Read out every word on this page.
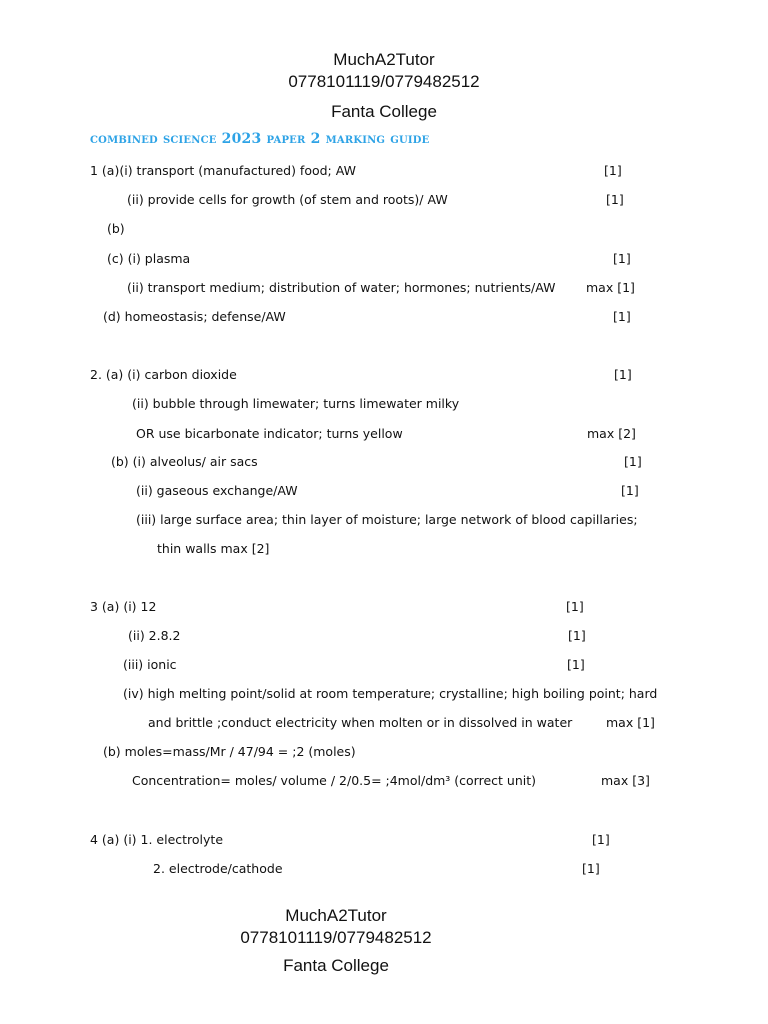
MuchA2Tutor
0778101119/0779482512
Fanta College
combined science 2023 paper 2 marking guide
1 (a)(i) transport (manufactured) food; AW	[1]
(ii) provide cells for growth (of stem and roots)/ AW	[1]
(b)
(c) (i) plasma	[1]
(ii) transport medium; distribution of water; hormones; nutrients/AW max [1]
(d) homeostasis; defense/AW	[1]
2. (a) (i) carbon dioxide	[1]
(ii) bubble through limewater; turns limewater milky
OR use bicarbonate indicator; turns yellow	max [2]
(b) (i) alveolus/ air sacs	[1]
(ii) gaseous exchange/AW	[1]
(iii) large surface area; thin layer of moisture; large network of blood capillaries;
thin walls max [2]
3 (a) (i) 12	[1]
(ii) 2.8.2	[1]
(iii) ionic	[1]
(iv) high melting point/solid at room temperature; crystalline; high boiling point; hard
and brittle ;conduct electricity when molten or in dissolved in water	max [1]
(b) moles=mass/Mr / 47/94 = ;2 (moles)
Concentration= moles/ volume / 2/0.5= ;4mol/dm³ (correct unit)	max [3]
4 (a) (i) 1. electrolyte	[1]
2. electrode/cathode	[1]
MuchA2Tutor
0778101119/0779482512
Fanta College
